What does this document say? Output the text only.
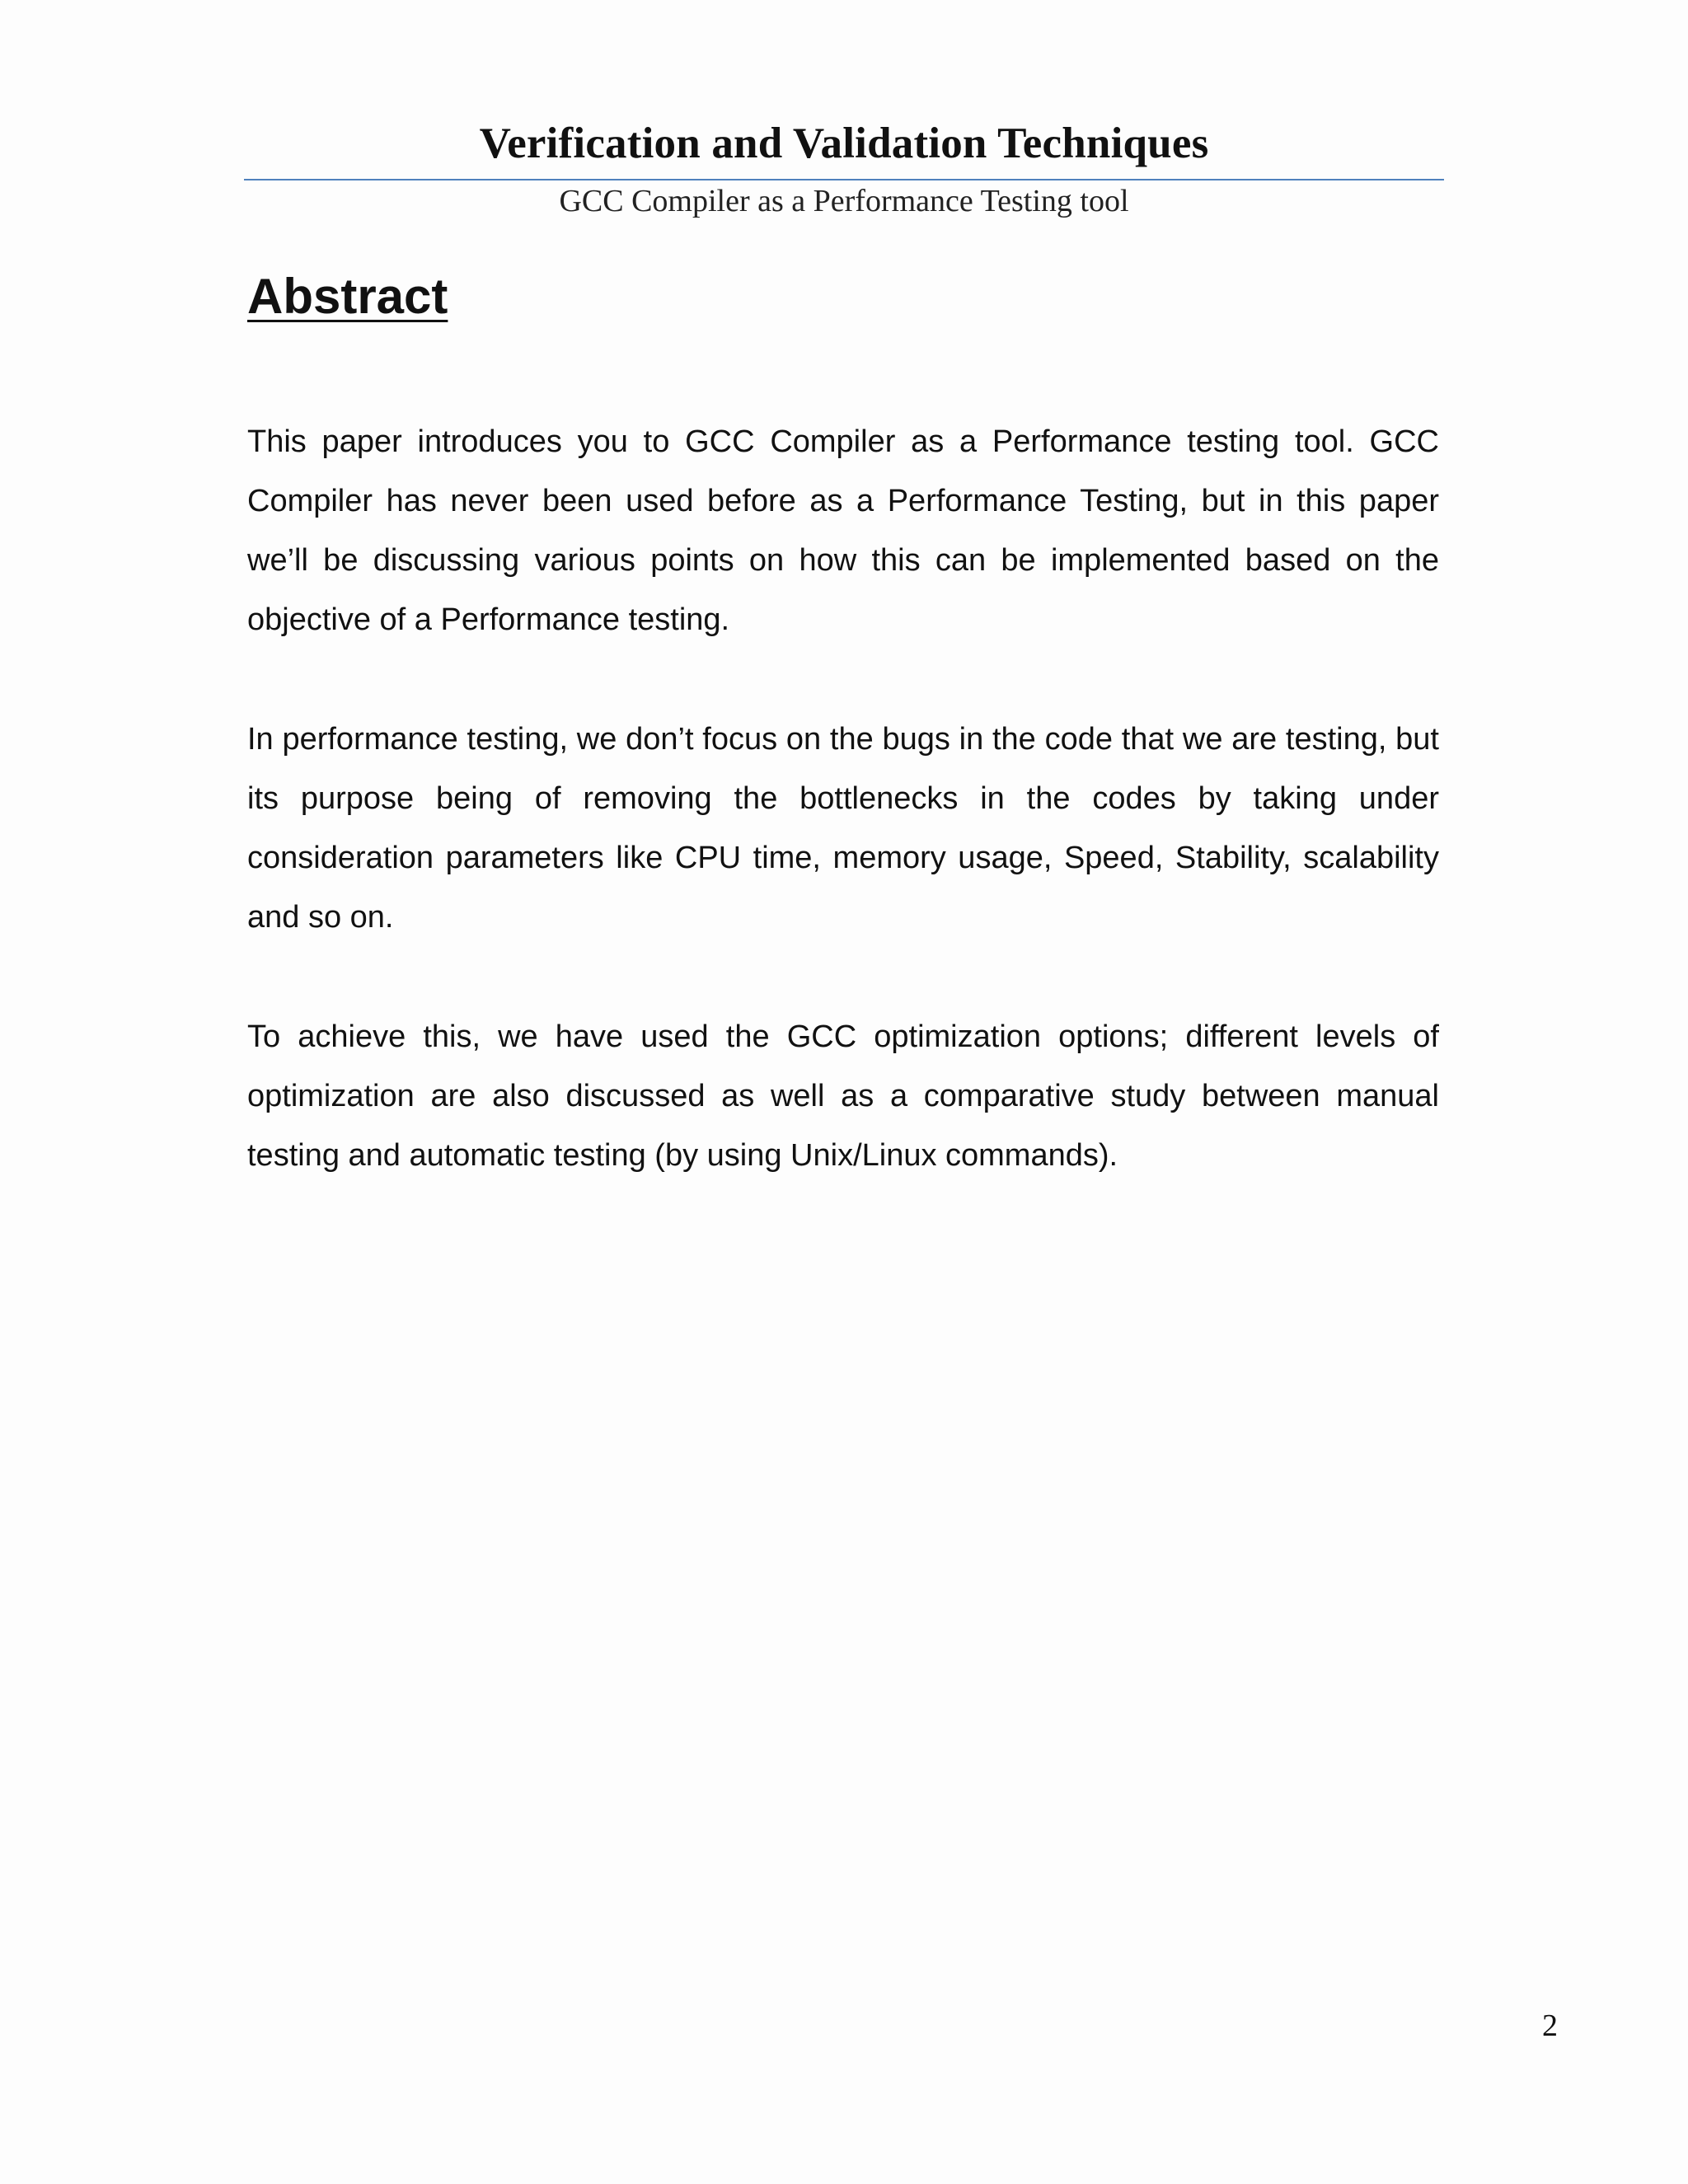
Verification and Validation Techniques
GCC Compiler as a Performance Testing tool
Abstract

This paper introduces you to GCC Compiler as a Performance testing tool. GCC Compiler has never been used before as a Performance Testing, but in this paper we’ll be discussing various points on how this can be implemented based on the objective of a Performance testing.

In performance testing, we don’t focus on the bugs in the code that we are testing, but its purpose being of removing the bottlenecks in the codes by taking under consideration parameters like CPU time, memory usage, Speed, Stability, scalability and so on.

To achieve this, we have used the GCC optimization options; different levels of optimization are also discussed as well as a comparative study between manual testing and automatic testing (by using Unix/Linux commands).

2
